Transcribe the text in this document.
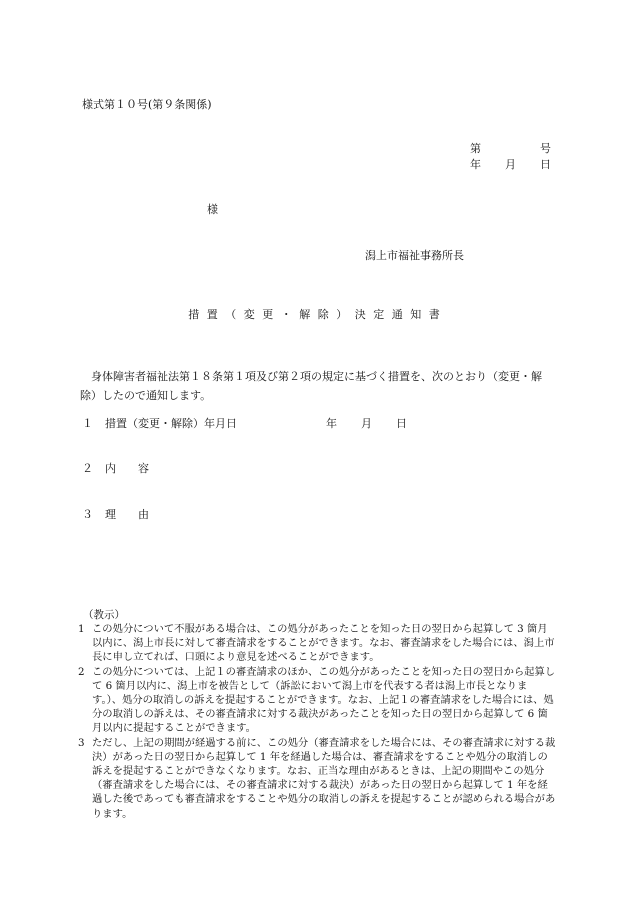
様式第１０号(第９条関係)
第	号
年 月 日
様
潟上市福祉事務所長
措 置 （ 変 更 ・ 解 除 ） 決 定 通 知 書
身体障害者福祉法第１８条第１項及び第２項の規定に基づく措置を、次のとおり（変更・解除）したので通知します。
１ 措置（変更・解除）年月日	年 月 日
２ 内　　容
３ 理　　由
（教示）
1 この処分について不服がある場合は、この処分があったことを知った日の翌日から起算して 3 箇月以内に、潟上市長に対して審査請求をすることができます。なお、審査請求をした場合には、潟上市長に申し立てれば、口頭により意見を述べることができます。
2 この処分については、上記１の審査請求のほか、この処分があったことを知った日の翌日から起算して 6 箇月以内に、潟上市を被告として（訴訟において潟上市を代表する者は潟上市長となります。）、処分の取消しの訴えを提起することができます。なお、上記１の審査請求をした場合には、処分の取消しの訴えは、その審査請求に対する裁決があったことを知った日の翌日から起算して 6 箇月以内に提起することができます。
3 ただし、上記の期間が経過する前に、この処分（審査請求をした場合には、その審査請求に対する裁決）があった日の翌日から起算して 1 年を経過した場合は、審査請求をすることや処分の取消しの訴えを提起することができなくなります。なお、正当な理由があるときは、上記の期間やこの処分（審査請求をした場合には、その審査請求に対する裁決）があった日の翌日から起算して 1 年を経過した後であっても審査請求をすることや処分の取消しの訴えを提起することが認められる場合があります。
